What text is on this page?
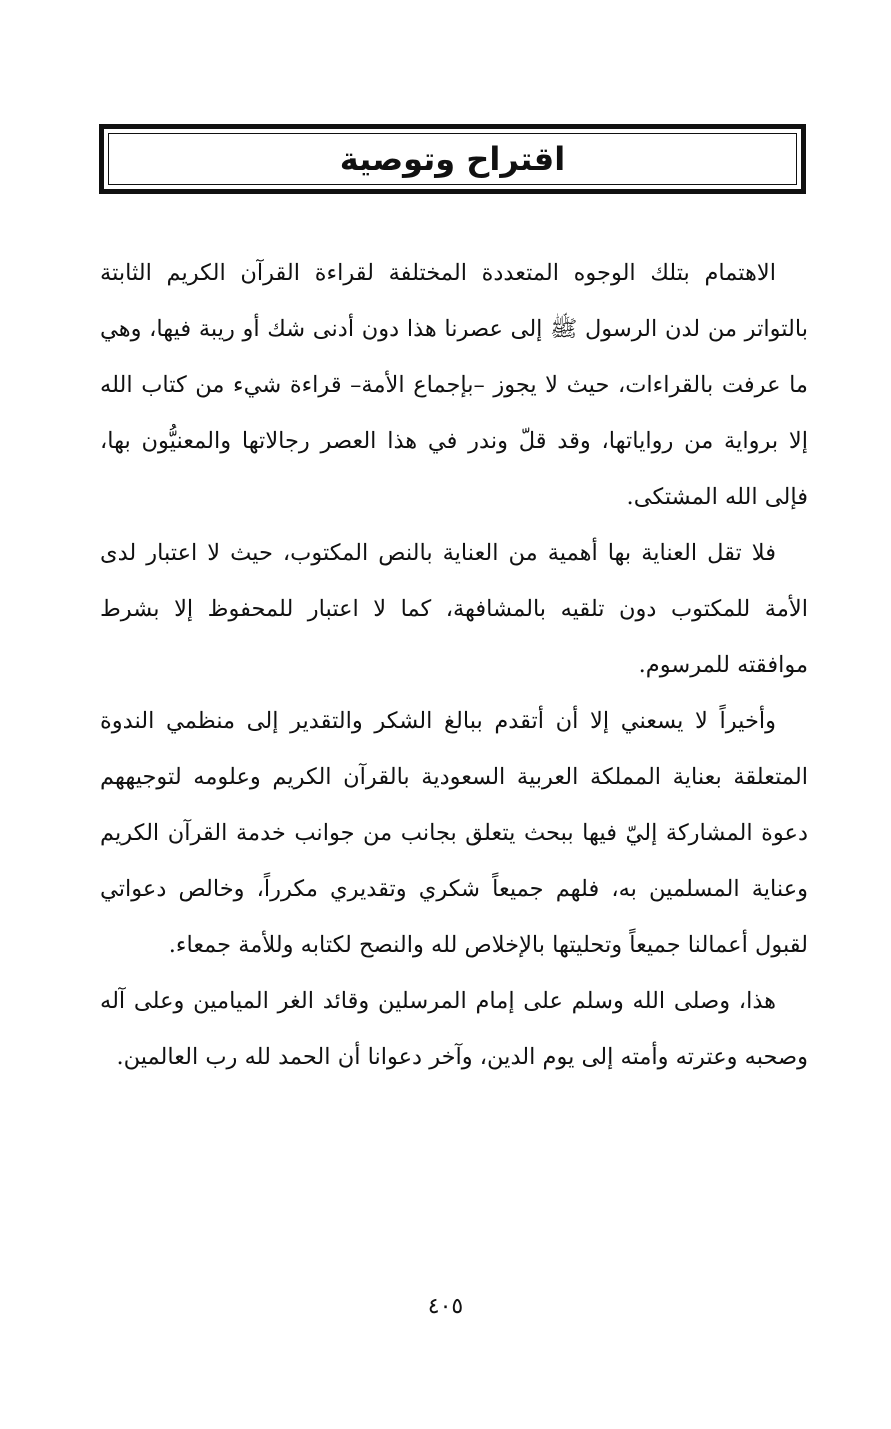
اقتراح وتوصية

الاهتمام بتلك الوجوه المتعددة المختلفة لقراءة القرآن الكريم الثابتة بالتواتر من لدن الرسول ﷺ إلى عصرنا هذا دون أدنى شك أو ريبة فيها، وهي ما عرفت بالقراءات، حيث لا يجوز –بإجماع الأمة– قراءة شيء من كتاب الله إلا برواية من رواياتها، وقد قلّ وندر في هذا العصر رجالاتها والمعنيُّون بها، فإلى الله المشتكى.

فلا تقل العناية بها أهمية من العناية بالنص المكتوب، حيث لا اعتبار لدى الأمة للمكتوب دون تلقيه بالمشافهة، كما لا اعتبار للمحفوظ إلا بشرط موافقته للمرسوم.

وأخيراً لا يسعني إلا أن أتقدم ببالغ الشكر والتقدير إلى منظمي الندوة المتعلقة بعناية المملكة العربية السعودية بالقرآن الكريم وعلومه لتوجيههم دعوة المشاركة إليّ فيها ببحث يتعلق بجانب من جوانب خدمة القرآن الكريم وعناية المسلمين به، فلهم جميعاً شكري وتقديري مكرراً، وخالص دعواتي لقبول أعمالنا جميعاً وتحليتها بالإخلاص لله والنصح لكتابه وللأمة جمعاء.

هذا، وصلى الله وسلم على إمام المرسلين وقائد الغر الميامين وعلى آله وصحبه وعترته وأمته إلى يوم الدين، وآخر دعوانا أن الحمد لله رب العالمين.

٤٠٥
